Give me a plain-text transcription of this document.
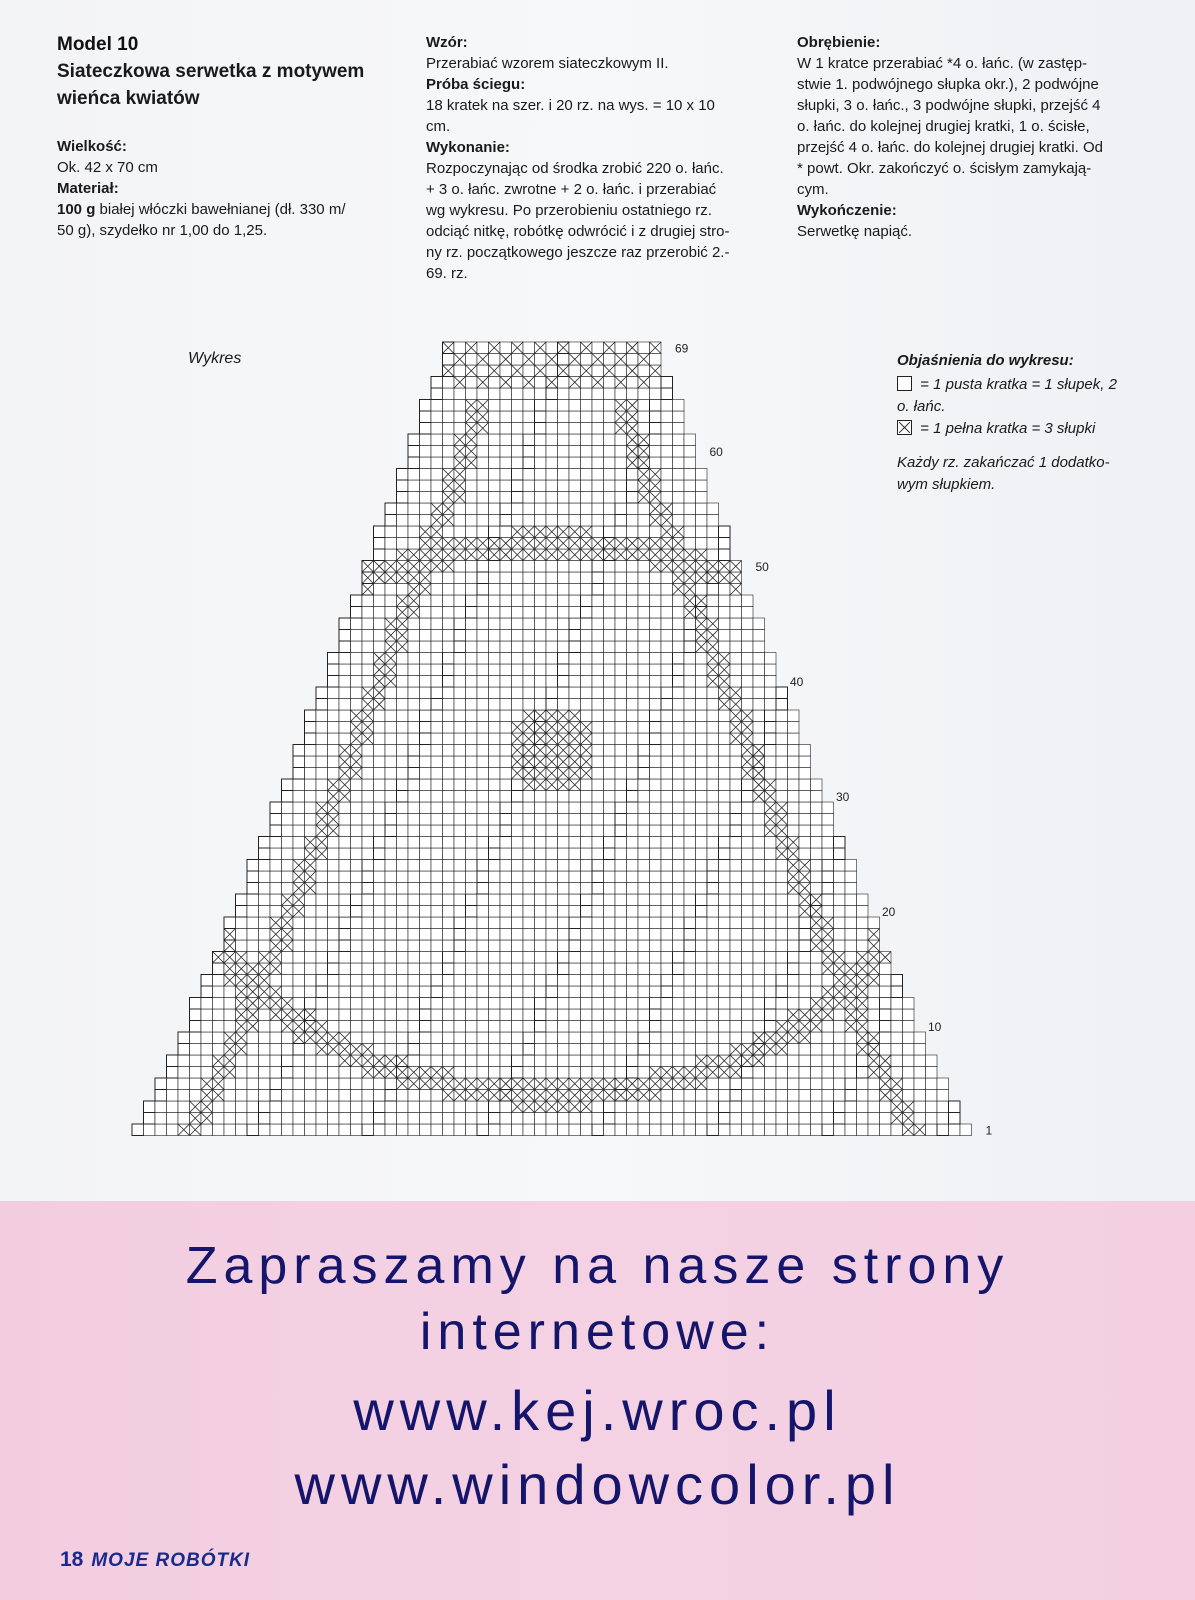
Model 10
Siateczkowa serwetka z motywem
wieńca kwiatów
Wielkość:
Ok. 42 x 70 cm
Materiał:
100 g białej włóczki bawełnianej (dł. 330 m/
50 g), szydełko nr 1,00 do 1,25.
Wzór:
Przerabiać wzorem siateczkowym II.
Próba ściegu:
18 kratek na szer. i 20 rz. na wys. = 10 x 10
cm.
Wykonanie:
Rozpoczynając od środka zrobić 220 o. łańc.
+ 3 o. łańc. zwrotne + 2 o. łańc. i przerabiać
wg wykresu. Po przerobieniu ostatniego rz.
odciąć nitkę, robótkę odwrócić i z drugiej stro-
ny rz. początkowego jeszcze raz przerobić 2.-
69. rz.
Obrębienie:
W 1 kratce przerabiać *4 o. łańc. (w zastęp-
stwie 1. podwójnego słupka okr.), 2 podwójne
słupki, 3 o. łańc., 3 podwójne słupki, przejść 4
o. łańc. do kolejnej drugiej kratki, 1 o. ścisłe,
przejść 4 o. łańc. do kolejnej drugiej kratki. Od
* powt. Okr. zakończyć o. ścisłym zamykają-
cym.
Wykończenie:
Serwetkę napiąć.
Wykres	Objaśnienia do wykresu:
= 1 pusta kratka = 1 słupek, 2
o. łańc.
= 1 pełna kratka = 3 słupki
Każdy rz. zakańczać 1 dodatko-
wym słupkiem.
1
10
20
30
40
50
60
69
Zapraszamy na nasze strony
internetowe:
www.kej.wroc.pl
www.windowcolor.pl
18 MOJE ROBÓTKI
